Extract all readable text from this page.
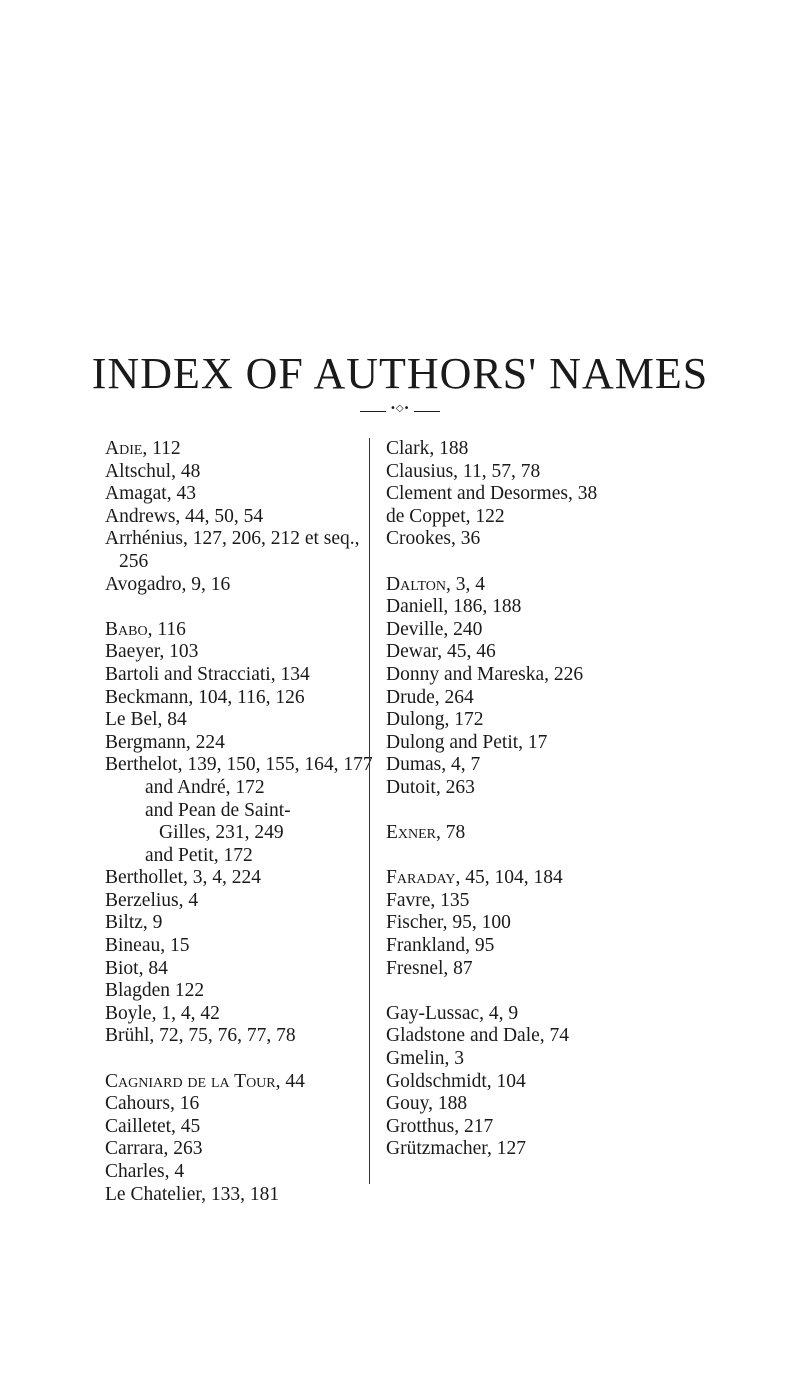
INDEX OF AUTHORS' NAMES
•◇•
Adie, 112
Altschul, 48
Amagat, 43
Andrews, 44, 50, 54
Arrhénius, 127, 206, 212 et seq.,
256
Avogadro, 9, 16
Babo, 116
Baeyer, 103
Bartoli and Stracciati, 134
Beckmann, 104, 116, 126
Le Bel, 84
Bergmann, 224
Berthelot, 139, 150, 155, 164, 177
and André, 172
and Pean de Saint-
Gilles, 231, 249
and Petit, 172
Berthollet, 3, 4, 224
Berzelius, 4
Biltz, 9
Bineau, 15
Biot, 84
Blagden 122
Boyle, 1, 4, 42
Brühl, 72, 75, 76, 77, 78
Cagniard de la Tour, 44
Cahours, 16
Cailletet, 45
Carrara, 263
Charles, 4
Le Chatelier, 133, 181
Clark, 188
Clausius, 11, 57, 78
Clement and Desormes, 38
de Coppet, 122
Crookes, 36
Dalton, 3, 4
Daniell, 186, 188
Deville, 240
Dewar, 45, 46
Donny and Mareska, 226
Drude, 264
Dulong, 172
Dulong and Petit, 17
Dumas, 4, 7
Dutoit, 263
Exner, 78
Faraday, 45, 104, 184
Favre, 135
Fischer, 95, 100
Frankland, 95
Fresnel, 87
Gay-Lussac, 4, 9
Gladstone and Dale, 74
Gmelin, 3
Goldschmidt, 104
Gouy, 188
Grotthus, 217
Grützmacher, 127
